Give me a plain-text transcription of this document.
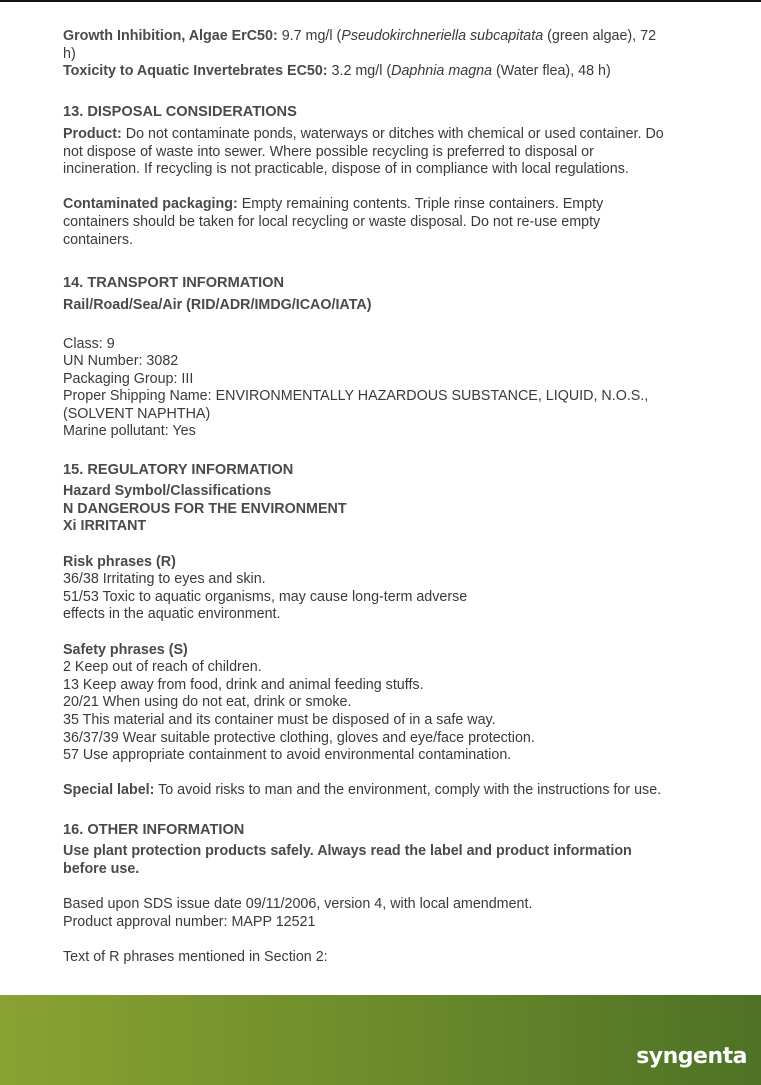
Growth Inhibition, Algae ErC50: 9.7 mg/l (Pseudokirchneriella subcapitata (green algae), 72
h)
Toxicity to Aquatic Invertebrates EC50: 3.2 mg/l (Daphnia magna (Water flea), 48 h)
13. DISPOSAL CONSIDERATIONS
Product: Do not contaminate ponds, waterways or ditches with chemical or used container. Do
not dispose of waste into sewer. Where possible recycling is preferred to disposal or
incineration. If recycling is not practicable, dispose of in compliance with local regulations.
Contaminated packaging: Empty remaining contents. Triple rinse containers. Empty
containers should be taken for local recycling or waste disposal. Do not re-use empty
containers.
14. TRANSPORT INFORMATION
Rail/Road/Sea/Air (RID/ADR/IMDG/ICAO/IATA)
Class: 9
UN Number: 3082
Packaging Group: III
Proper Shipping Name: ENVIRONMENTALLY HAZARDOUS SUBSTANCE, LIQUID, N.O.S.,
(SOLVENT NAPHTHA)
Marine pollutant: Yes
15. REGULATORY INFORMATION
Hazard Symbol/Classifications
N DANGEROUS FOR THE ENVIRONMENT
Xi IRRITANT
Risk phrases (R)
36/38 Irritating to eyes and skin.
51/53 Toxic to aquatic organisms, may cause long-term adverse
effects in the aquatic environment.
Safety phrases (S)
2 Keep out of reach of children.
13 Keep away from food, drink and animal feeding stuffs.
20/21 When using do not eat, drink or smoke.
35 This material and its container must be disposed of in a safe way.
36/37/39 Wear suitable protective clothing, gloves and eye/face protection.
57 Use appropriate containment to avoid environmental contamination.
Special label: To avoid risks to man and the environment, comply with the instructions for use.
16. OTHER INFORMATION
Use plant protection products safely. Always read the label and product information
before use.
Based upon SDS issue date 09/11/2006, version 4, with local amendment.
Product approval number: MAPP 12521
Text of R phrases mentioned in Section 2:
syngenta
